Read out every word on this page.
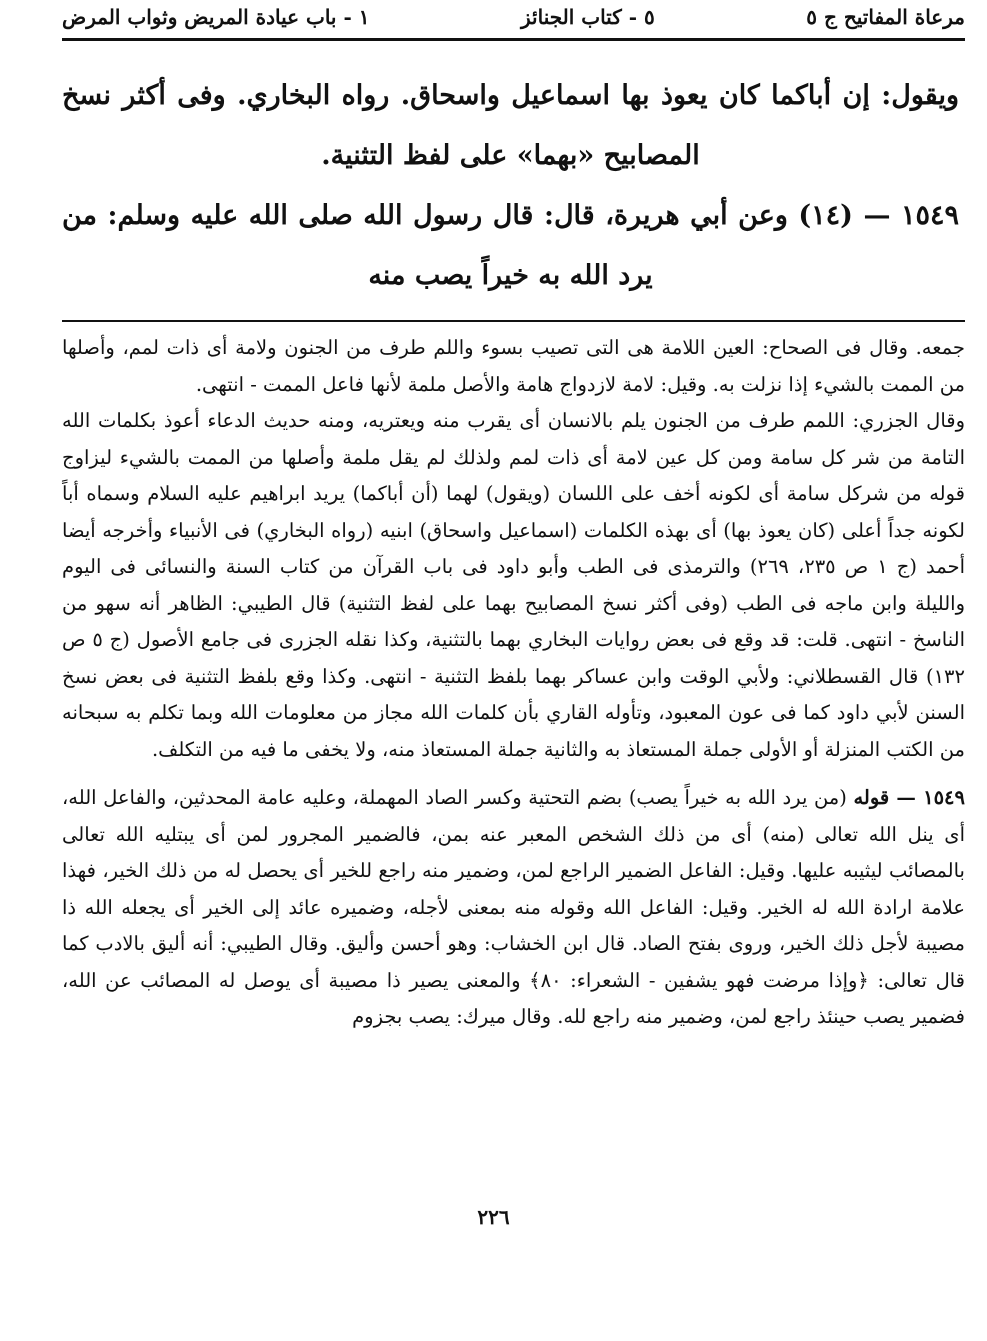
مرعاة المفاتيح ج ٥
٥ - كتاب الجنائز
١ - باب عيادة المريض وثواب المرض

ويقول: إن أباكما كان يعوذ بها اسماعيل واسحاق. رواه البخاري. وفى أكثر نسخ المصابيح «بهما» على لفظ التثنية.

١٥٤٩ — (١٤) وعن أبي هريرة، قال: قال رسول الله صلى الله عليه وسلم: من يرد الله به خيراً يصب منه

جمعه. وقال فى الصحاح: العين اللامة هى التى تصيب بسوء واللم طرف من الجنون ولامة أى ذات لمم، وأصلها من الممت بالشيء إذا نزلت به. وقيل: لامة لازدواج هامة والأصل ملمة لأنها فاعل الممت - انتهى.

وقال الجزري: اللمم طرف من الجنون يلم بالانسان أى يقرب منه ويعتريه، ومنه حديث الدعاء أعوذ بكلمات الله التامة من شر كل سامة ومن كل عين لامة أى ذات لمم ولذلك لم يقل ملمة وأصلها من الممت بالشيء ليزاوج قوله من شركل سامة أى لكونه أخف على اللسان (ويقول) لهما (أن أباكما) يريد ابراهيم عليه السلام وسماه أباً لكونه جداً أعلى (كان يعوذ بها) أى بهذه الكلمات (اسماعيل واسحاق) ابنيه (رواه البخاري) فى الأنبياء وأخرجه أيضا أحمد (ج ١ ص ٢٣٥، ٢٦٩) والترمذى فى الطب وأبو داود فى باب القرآن من كتاب السنة والنسائى فى اليوم والليلة وابن ماجه فى الطب (وفى أكثر نسخ المصابيح بهما على لفظ التثنية) قال الطيبي: الظاهر أنه سهو من الناسخ - انتهى. قلت: قد وقع فى بعض روايات البخاري بهما بالتثنية، وكذا نقله الجزرى فى جامع الأصول (ج ٥ ص ١٣٢) قال القسطلاني: ولأبي الوقت وابن عساكر بهما بلفظ التثنية - انتهى. وكذا وقع بلفظ التثنية فى بعض نسخ السنن لأبي داود كما فى عون المعبود، وتأوله القاري بأن كلمات الله مجاز من معلومات الله وبما تكلم به سبحانه من الكتب المنزلة أو الأولى جملة المستعاذ به والثانية جملة المستعاذ منه، ولا يخفى ما فيه من التكلف.

١٥٤٩ — قوله (من يرد الله به خيراً يصب) بضم التحتية وكسر الصاد المهملة، وعليه عامة المحدثين، والفاعل الله، أى ينل الله تعالى (منه) أى من ذلك الشخص المعبر عنه بمن، فالضمير المجرور لمن أى يبتليه الله تعالى بالمصائب ليثيبه عليها. وقيل: الفاعل الضمير الراجع لمن، وضمير منه راجع للخير أى يحصل له من ذلك الخير، فهذا علامة ارادة الله له الخير. وقيل: الفاعل الله وقوله منه بمعنى لأجله، وضميره عائد إلى الخير أى يجعله الله ذا مصيبة لأجل ذلك الخير، وروى بفتح الصاد. قال ابن الخشاب: وهو أحسن وأليق. وقال الطيبي: أنه أليق بالادب كما قال تعالى: ﴿وإذا مرضت فهو يشفين - الشعراء: ٨٠﴾ والمعنى يصير ذا مصيبة أى يوصل له المصائب عن الله، فضمير يصب حينئذ راجع لمن، وضمير منه راجع لله. وقال ميرك: يصب بجزوم

٢٢٦
